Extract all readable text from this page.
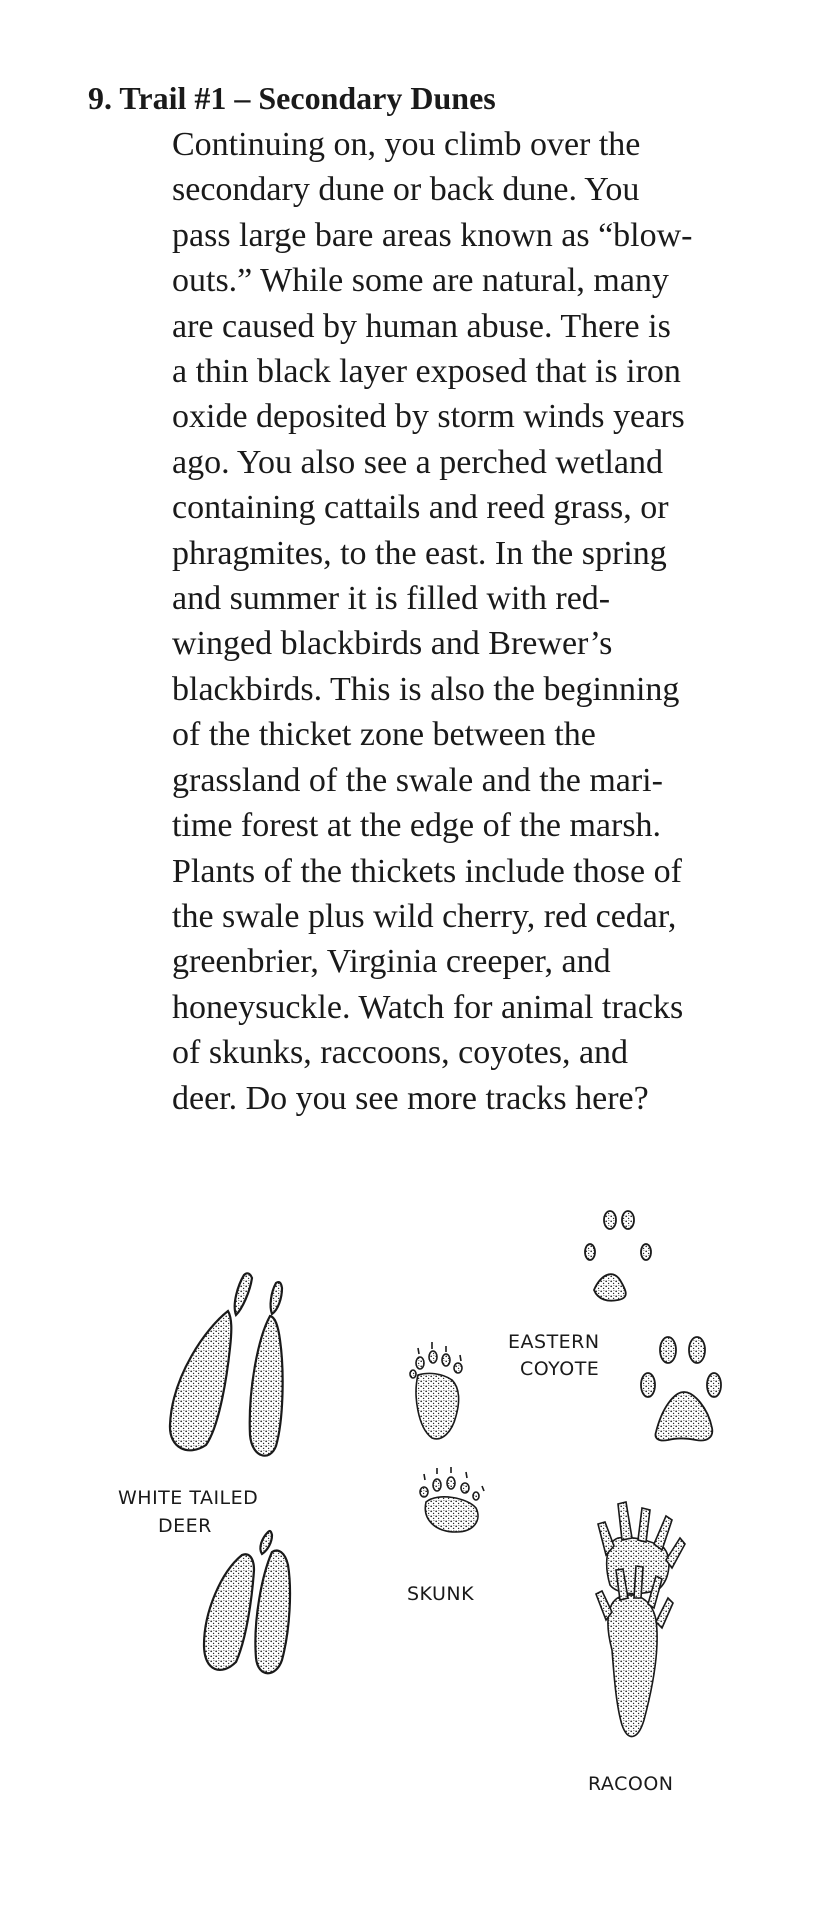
9. Trail #1 – Secondary Dunes
Continuing on, you climb over the
secondary dune or back dune. You
pass large bare areas known as “blow-
outs.” While some are natural, many
are caused by human abuse. There is
a thin black layer exposed that is iron
oxide deposited by storm winds years
ago. You also see a perched wetland
containing cattails and reed grass, or
phragmites, to the east. In the spring
and summer it is filled with red-
winged blackbirds and Brewer’s
blackbirds. This is also the beginning
of the thicket zone between the
grassland of the swale and the mari-
time forest at the edge of the marsh.
Plants of the thickets include those of
the swale plus wild cherry, red cedar,
greenbrier, Virginia creeper, and
honeysuckle. Watch for animal tracks
of skunks, raccoons, coyotes, and
deer. Do you see more tracks here?
WHITE TAILED
DEER
SKUNK
EASTERN
COYOTE
RACOON
